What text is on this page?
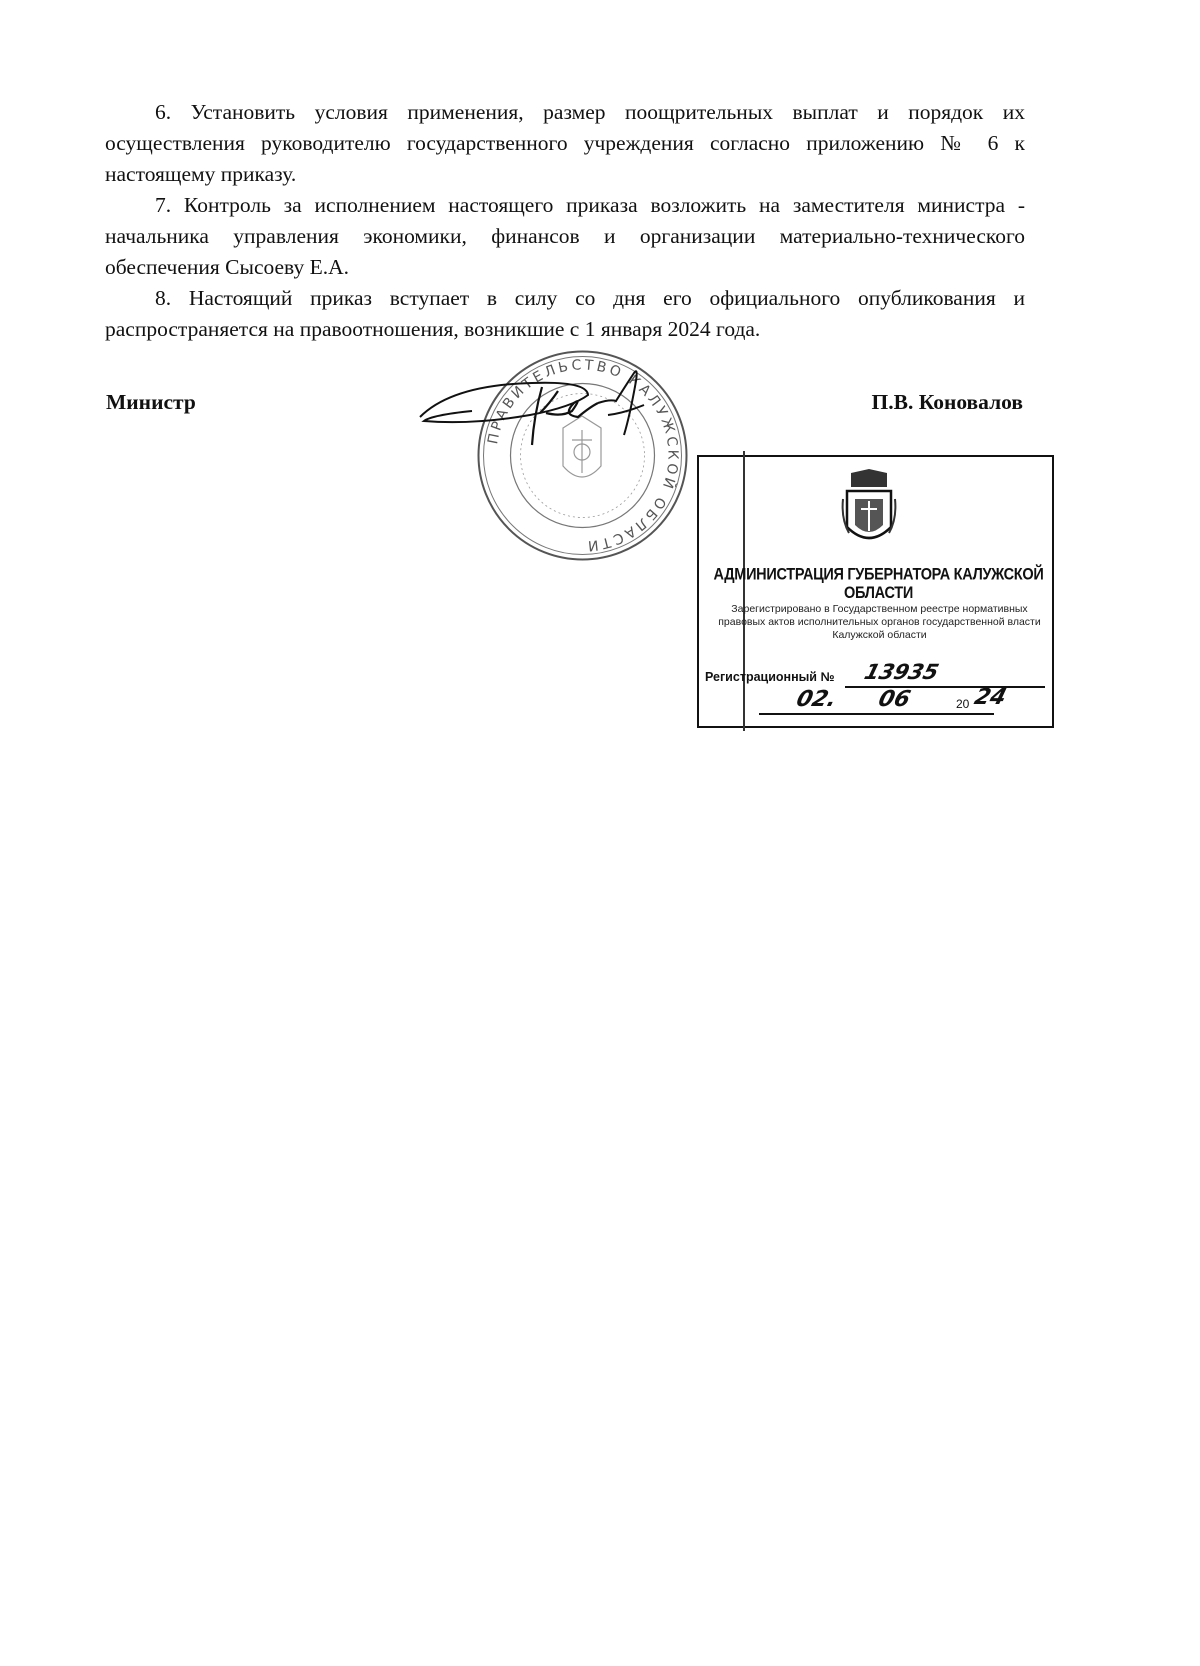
6. Установить условия применения, размер поощрительных выплат и порядок их осуществления руководителю государственного учреждения согласно приложению № 6 к настоящему приказу.

7. Контроль за исполнением настоящего приказа возложить на заместителя министра - начальника управления экономики, финансов и организации материально-технического обеспечения Сысоеву Е.А.

8. Настоящий приказ вступает в силу со дня его официального опубликования и распространяется на правоотношения, возникшие с 1 января 2024 года.

Министр	П.В. Коновалов
ПРАВИТЕЛЬСТВО КАЛУЖСКОЙ ОБЛАСТИ
АДМИНИСТРАЦИЯ ГУБЕРНАТОРА КАЛУЖСКОЙ ОБЛАСТИ
Зарегистрировано в Государственном реестре нормативных правовых актов исполнительных органов государственной власти Калужской области
Регистрационный № 13935
02. 06	20 24
